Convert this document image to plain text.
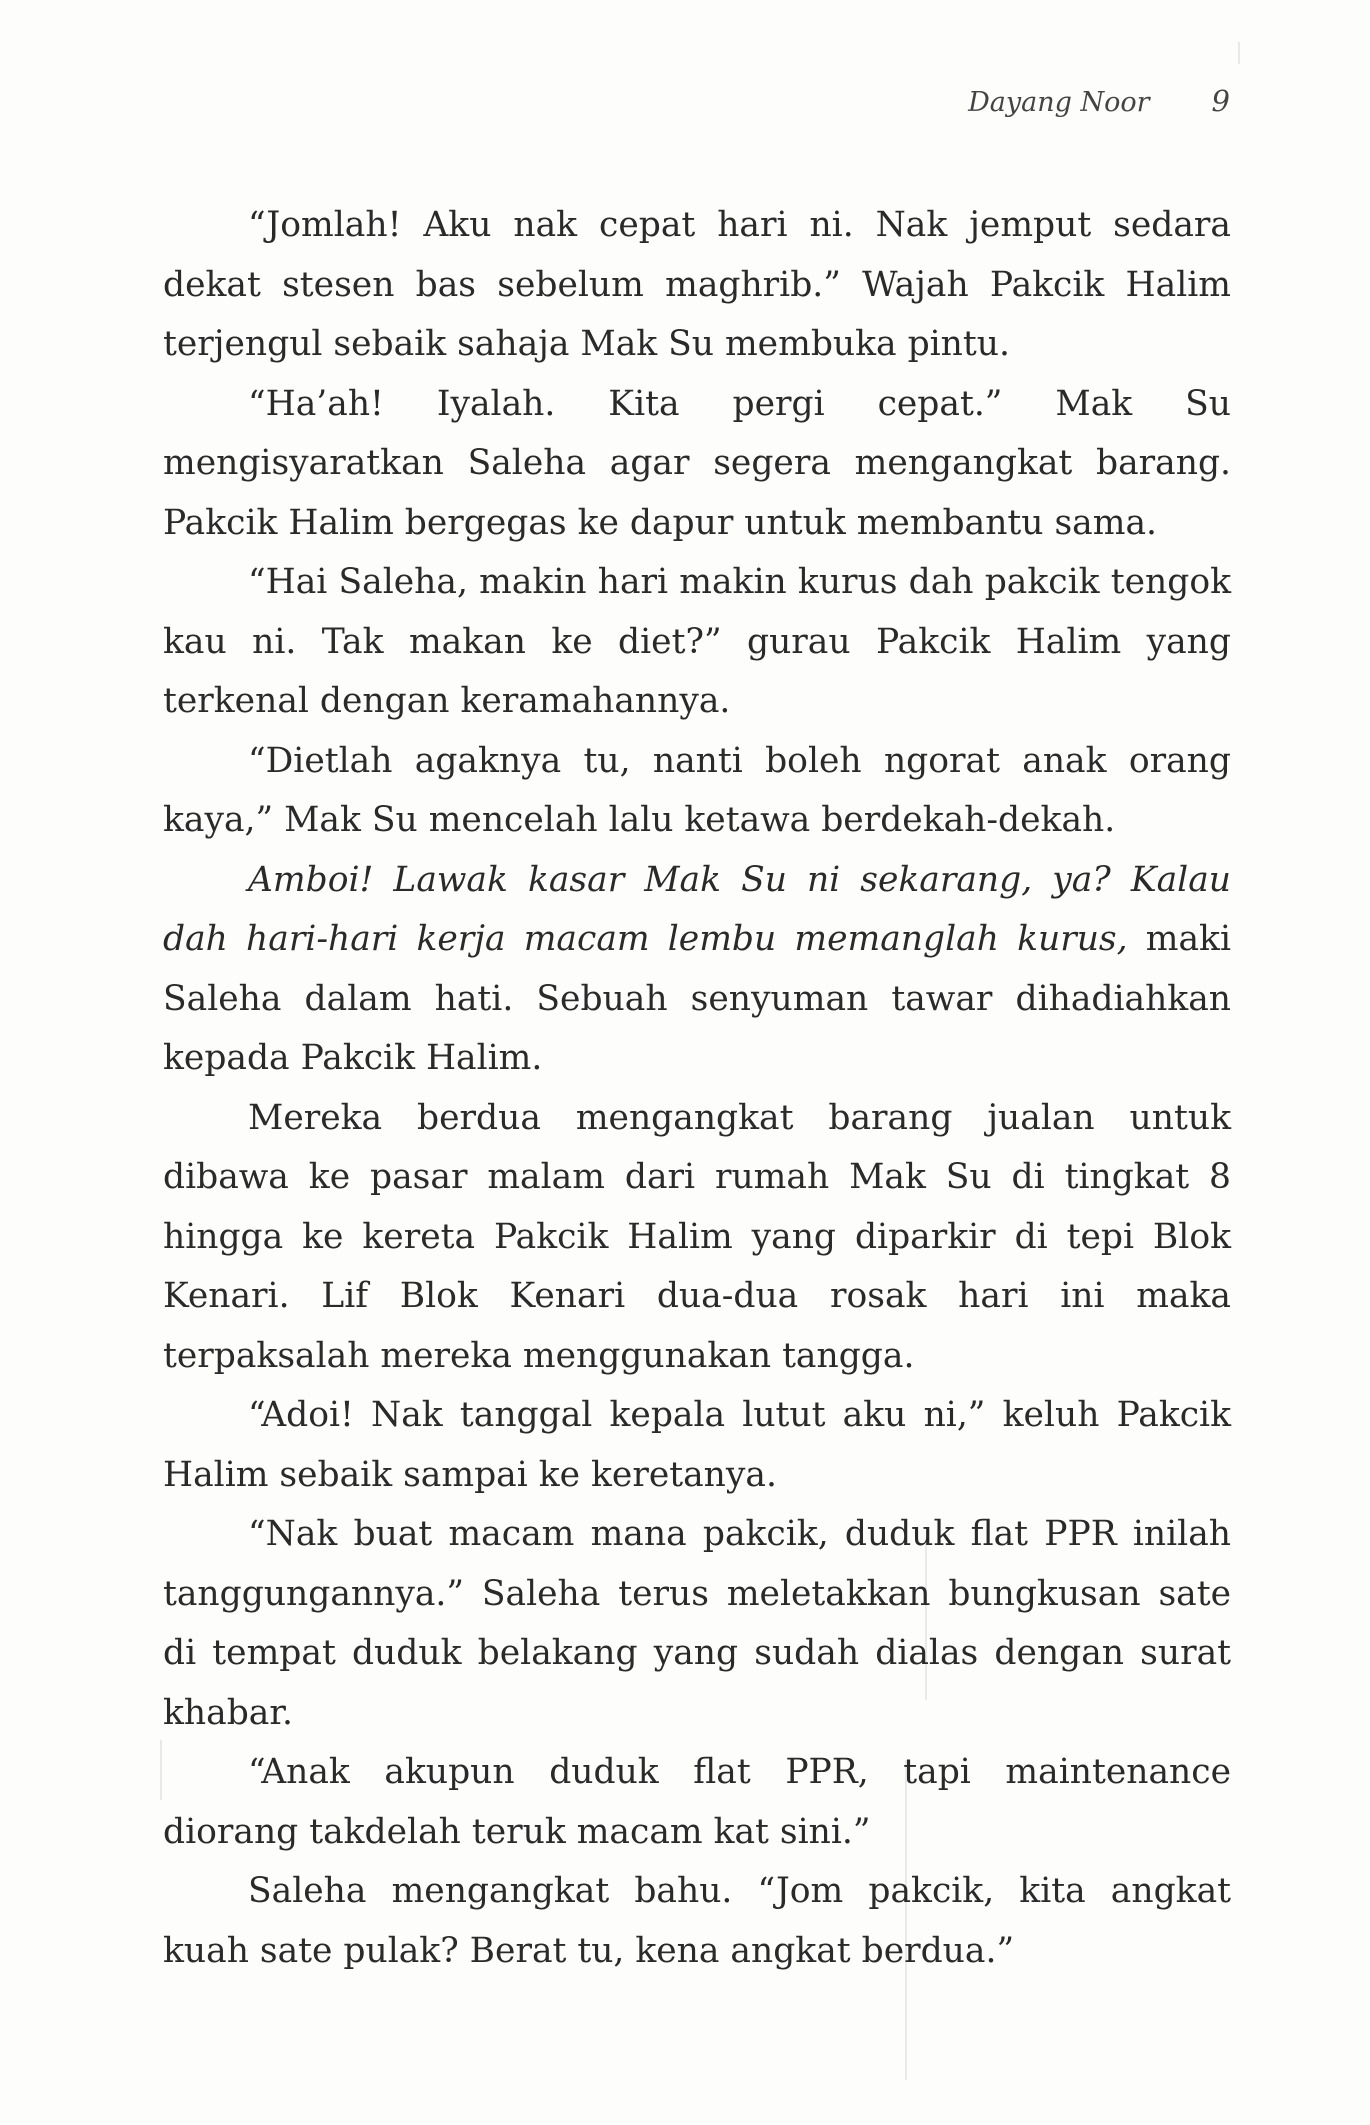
Dayang Noor 9

“Jomlah! Aku nak cepat hari ni. Nak jemput sedara dekat stesen bas sebelum maghrib.” Wajah Pakcik Halim terjengul sebaik sahaja Mak Su membuka pintu.

“Ha’ah! Iyalah. Kita pergi cepat.” Mak Su mengisyaratkan Saleha agar segera mengangkat barang. Pakcik Halim bergegas ke dapur untuk membantu sama.

“Hai Saleha, makin hari makin kurus dah pakcik tengok kau ni. Tak makan ke diet?” gurau Pakcik Halim yang terkenal dengan keramahannya.

“Dietlah agaknya tu, nanti boleh ngorat anak orang kaya,” Mak Su mencelah lalu ketawa berdekah-dekah.

Amboi! Lawak kasar Mak Su ni sekarang, ya? Kalau dah hari-hari kerja macam lembu memanglah kurus, maki Saleha dalam hati. Sebuah senyuman tawar dihadiahkan kepada Pakcik Halim.

Mereka berdua mengangkat barang jualan untuk dibawa ke pasar malam dari rumah Mak Su di tingkat 8 hingga ke kereta Pakcik Halim yang diparkir di tepi Blok Kenari. Lif Blok Kenari dua-dua rosak hari ini maka terpaksalah mereka menggunakan tangga.

“Adoi! Nak tanggal kepala lutut aku ni,” keluh Pakcik Halim sebaik sampai ke keretanya.

“Nak buat macam mana pakcik, duduk flat PPR inilah tanggungannya.” Saleha terus meletakkan bungkusan sate di tempat duduk belakang yang sudah dialas dengan surat khabar.

“Anak akupun duduk flat PPR, tapi maintenance diorang takdelah teruk macam kat sini.”

Saleha mengangkat bahu. “Jom pakcik, kita angkat kuah sate pulak? Berat tu, kena angkat berdua.”
